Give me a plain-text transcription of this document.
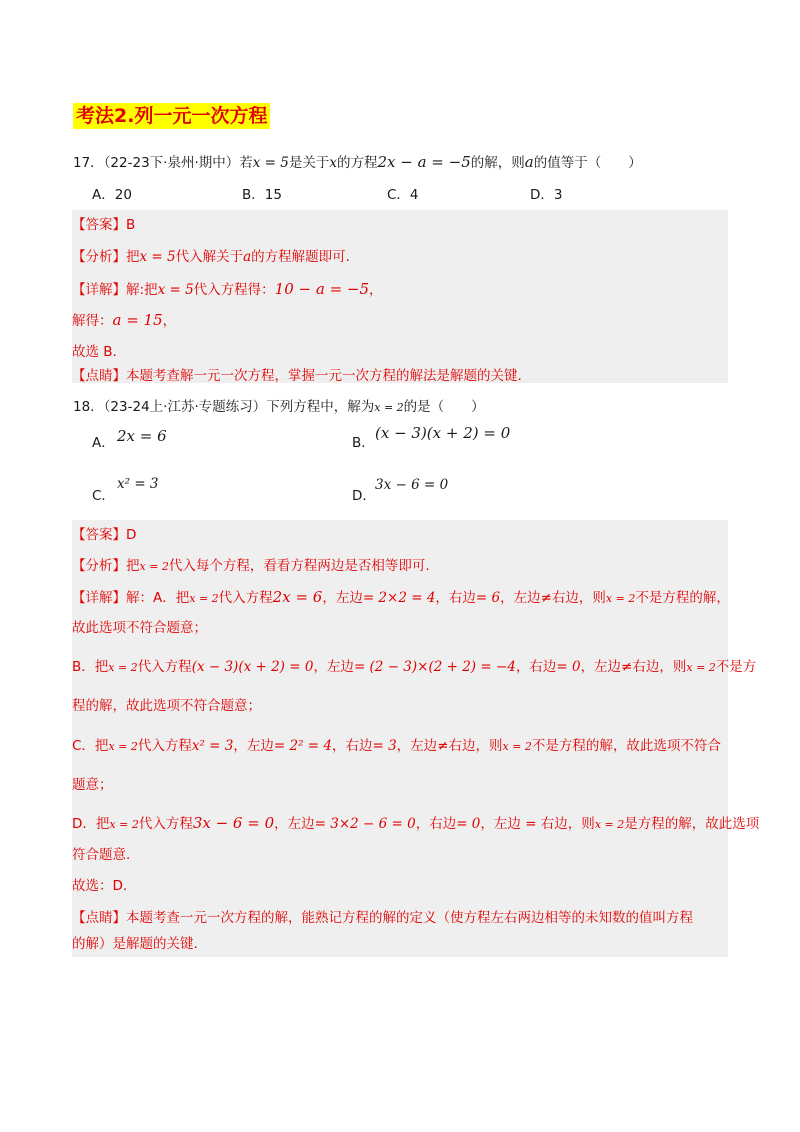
考法2.列一元一次方程
17．（22-23下·泉州·期中）若x = 5是关于x的方程2x − a = −5的解，则a的值等于（　　）
A．20	B．15	C．4	D．3
【答案】B
【分析】把x = 5代入解关于a的方程解题即可.
【详解】解:把x = 5代入方程得：10 − a = −5，
解得：a = 15，
故选 B.
【点睛】本题考查解一元一次方程，掌握一元一次方程的解法是解题的关键.
18．（23-24上·江苏·专题练习）下列方程中，解为x = 2的是（　　）
A． 2x = 6	B．
(x − 3)(x + 2) = 0
C．
x² = 3
D．
3x − 6 = 0
【答案】D
【分析】把x = 2代入每个方程，看看方程两边是否相等即可.
【详解】解：A．把x = 2代入方程2x = 6，左边= 2×2 = 4，右边= 6，左边≠右边，则x = 2不是方程的解，
故此选项不符合题意；
B．把x = 2代入方程(x − 3)(x + 2) = 0，左边= (2 − 3)×(2 + 2) = −4，右边= 0，左边≠右边，则x = 2不是方
程的解，故此选项不符合题意；
C．把x = 2代入方程x² = 3，左边= 2² = 4，右边= 3，左边≠右边，则x = 2不是方程的解，故此选项不符合
题意；
D．把x = 2代入方程3x − 6 = 0，左边= 3×2 − 6 = 0，右边= 0，左边 = 右边，则x = 2是方程的解，故此选项
符合题意.
故选：D.
【点睛】本题考查一元一次方程的解，能熟记方程的解的定义（使方程左右两边相等的未知数的值叫方程
的解）是解题的关键.
